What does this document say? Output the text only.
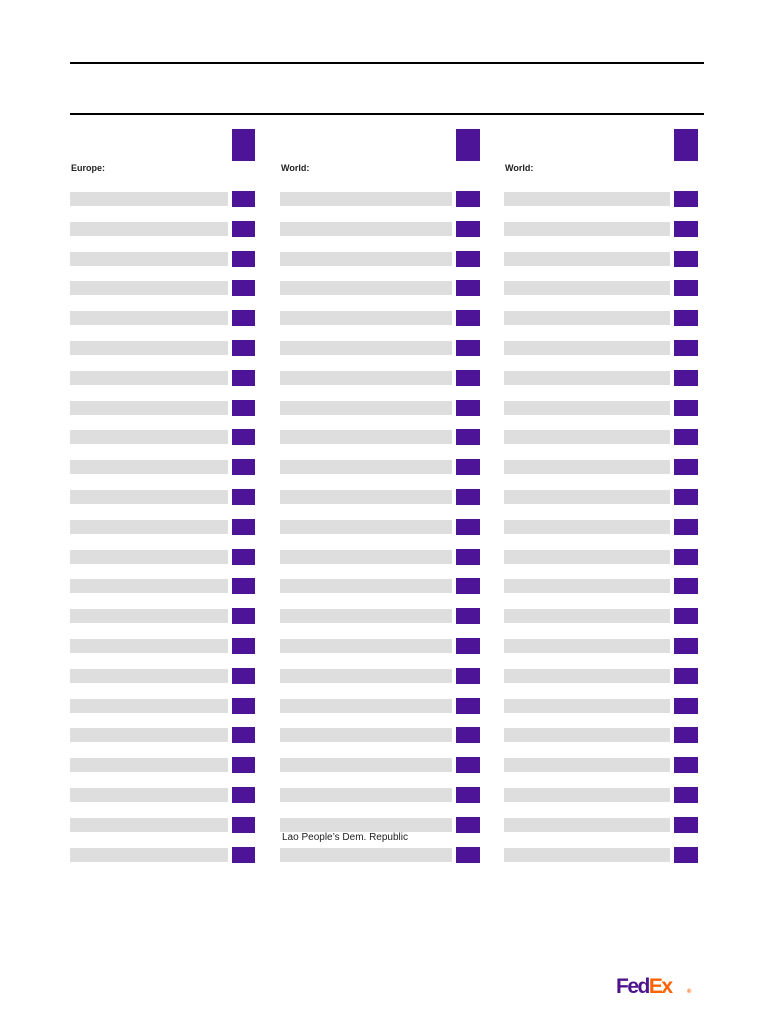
Europe:	World:
Lao People’s Dem. Republic
World:
FedEx	®
